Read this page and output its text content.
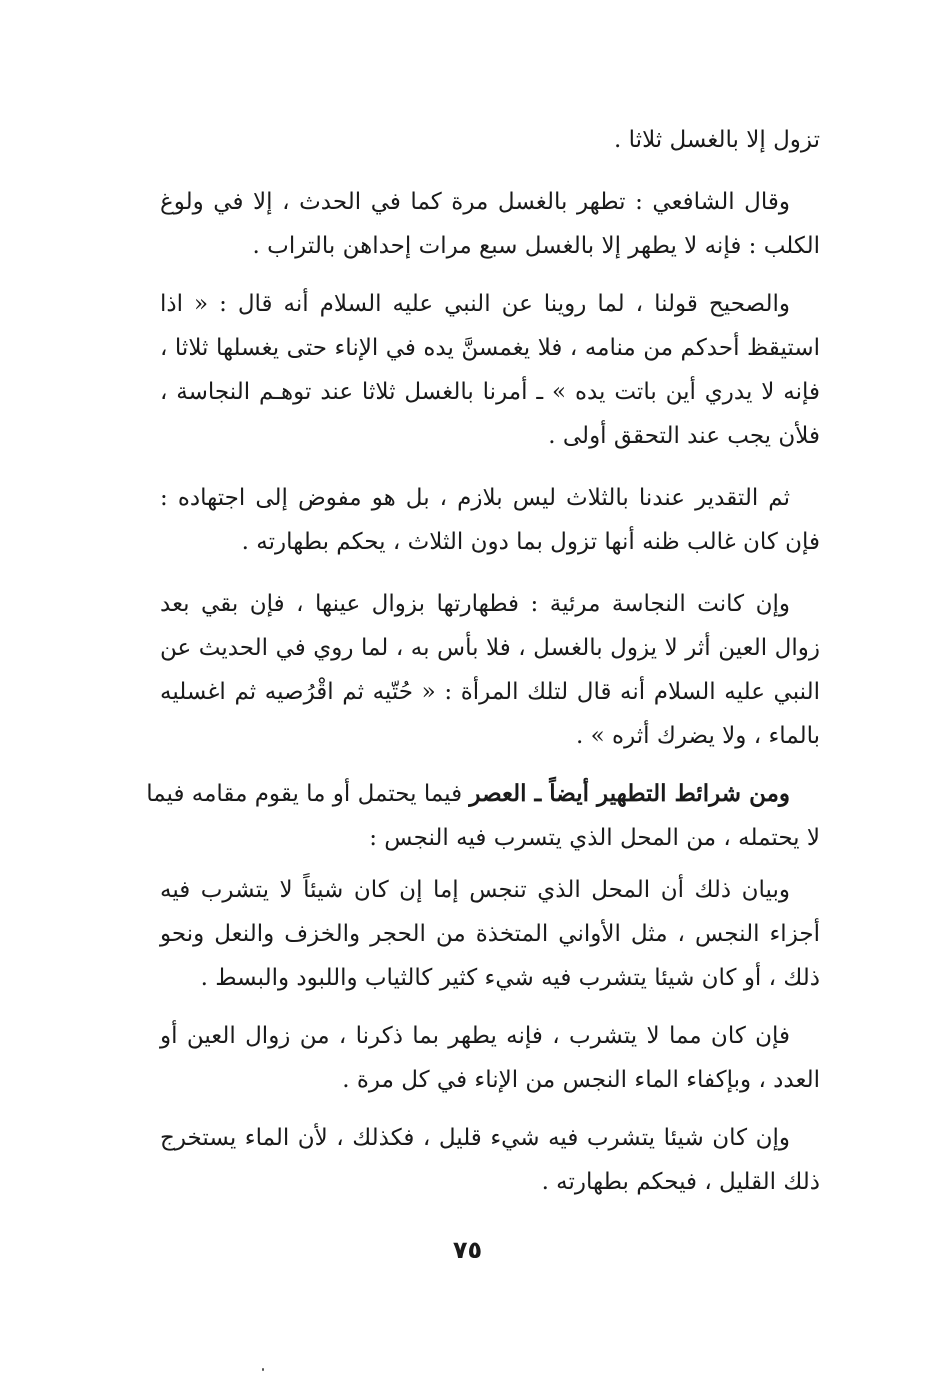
تزول إلا بالغسل ثلاثا .

وقال الشافعي : تطهر بالغسل مرة كما في الحدث ، إلا في ولوغ
الكلب : فإنه لا يطهر إلا بالغسل سبع مرات إحداهن بالتراب .

والصحيح قولنا ، لما روينا عن النبي عليه السلام أنه قال : « اذا
استيقظ أحدكم من منامه ، فلا يغمسنَّ يده في الإناء حتى يغسلها ثلاثا ،
فإنه لا يدري أين باتت يده » ـ أمرنا بالغسل ثلاثا عند توهـم النجاسة ،
فلأن يجب عند التحقق أولى .

ثم التقدير عندنا بالثلاث ليس بلازم ، بل هو مفوض إلى اجتهاده :
فإن كان غالب ظنه أنها تزول بما دون الثلاث ، يحكم بطهارته .

وإن كانت النجاسة مرئية : فطهارتها بزوال عينها ، فإن بقي بعد
زوال العين أثر لا يزول بالغسل ، فلا بأس به ، لما روي في الحديث عن
النبي عليه السلام أنه قال لتلك المرأة : « حُتّيه ثم اقْرُصيه ثم اغسليه
بالماء ، ولا يضرك أثره » .

ومن شرائط التطهير أيضاً ـ العصر فيما يحتمل أو ما يقوم مقامه فيما
لا يحتمله ، من المحل الذي يتسرب فيه النجس :

وبيان ذلك أن المحل الذي تنجس إما إن كان شيئاً لا يتشرب فيه
أجزاء النجس ، مثل الأواني المتخذة من الحجر والخزف والنعل ونحو
ذلك ، أو كان شيئا يتشرب فيه شيء كثير كالثياب واللبود والبسط .

فإن كان مما لا يتشرب ، فإنه يطهر بما ذكرنا ، من زوال العين أو
العدد ، وبإكفاء الماء النجس من الإناء في كل مرة .

وإن كان شيئا يتشرب فيه شيء قليل ، فكذلك ، لأن الماء يستخرج
ذلك القليل ، فيحكم بطهارته .

٧٥
